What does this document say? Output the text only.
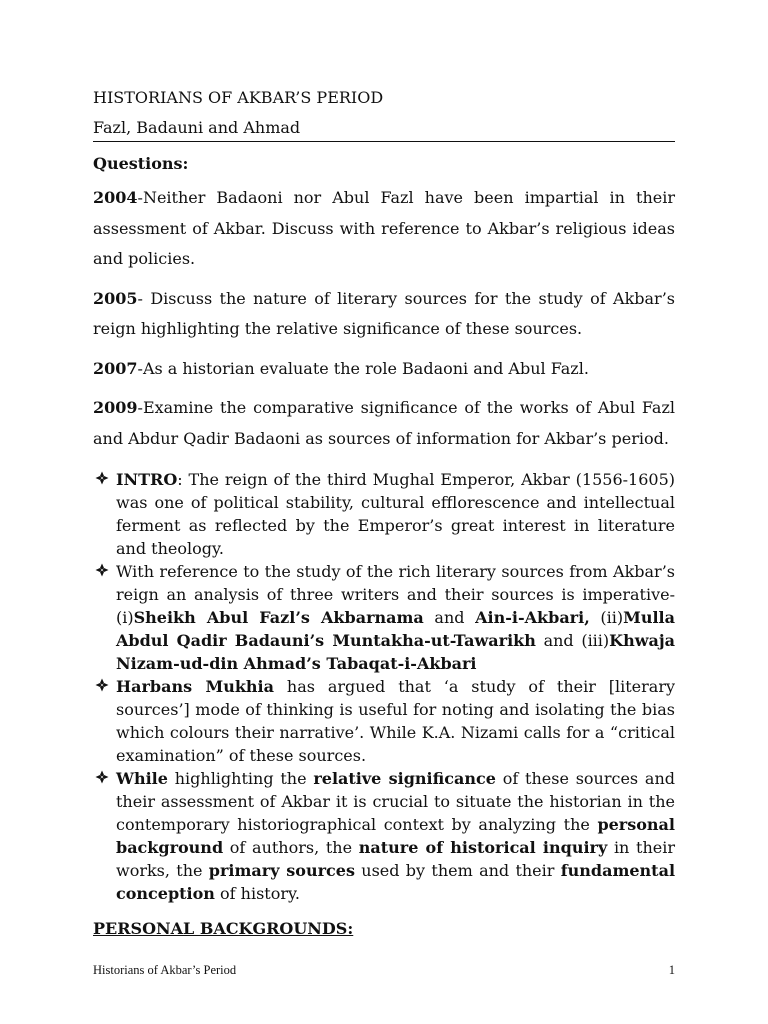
HISTORIANS OF AKBAR’S PERIOD

Fazl, Badauni and Ahmad

Questions:

2004-Neither Badaoni nor Abul Fazl have been impartial in their assessment of Akbar. Discuss with reference to Akbar’s religious ideas and policies.

2005- Discuss the nature of literary sources for the study of Akbar’s reign highlighting the relative significance of these sources.

2007-As a historian evaluate the role Badaoni and Abul Fazl.

2009-Examine the comparative significance of the works of Abul Fazl and Abdur Qadir Badaoni as sources of information for Akbar’s period.

INTRO: The reign of the third Mughal Emperor, Akbar (1556-1605) was one of political stability, cultural efflorescence and intellectual ferment as reflected by the Emperor’s great interest in literature and theology.
With reference to the study of the rich literary sources from Akbar’s reign an analysis of three writers and their sources is imperative-(i)Sheikh Abul Fazl’s Akbarnama and Ain-i-Akbari, (ii)Mulla Abdul Qadir Badauni’s Muntakha-ut-Tawarikh and (iii)Khwaja Nizam-ud-din Ahmad’s Tabaqat-i-Akbari
Harbans Mukhia has argued that ‘a study of their [literary sources’] mode of thinking is useful for noting and isolating the bias which colours their narrative’. While K.A. Nizami calls for a “critical examination” of these sources.
While highlighting the relative significance of these sources and their assessment of Akbar it is crucial to situate the historian in the contemporary historiographical context by analyzing the personal background of authors, the nature of historical inquiry in their works, the primary sources used by them and their fundamental conception of history.

PERSONAL BACKGROUNDS:

Historians of Akbar’s Period	1
